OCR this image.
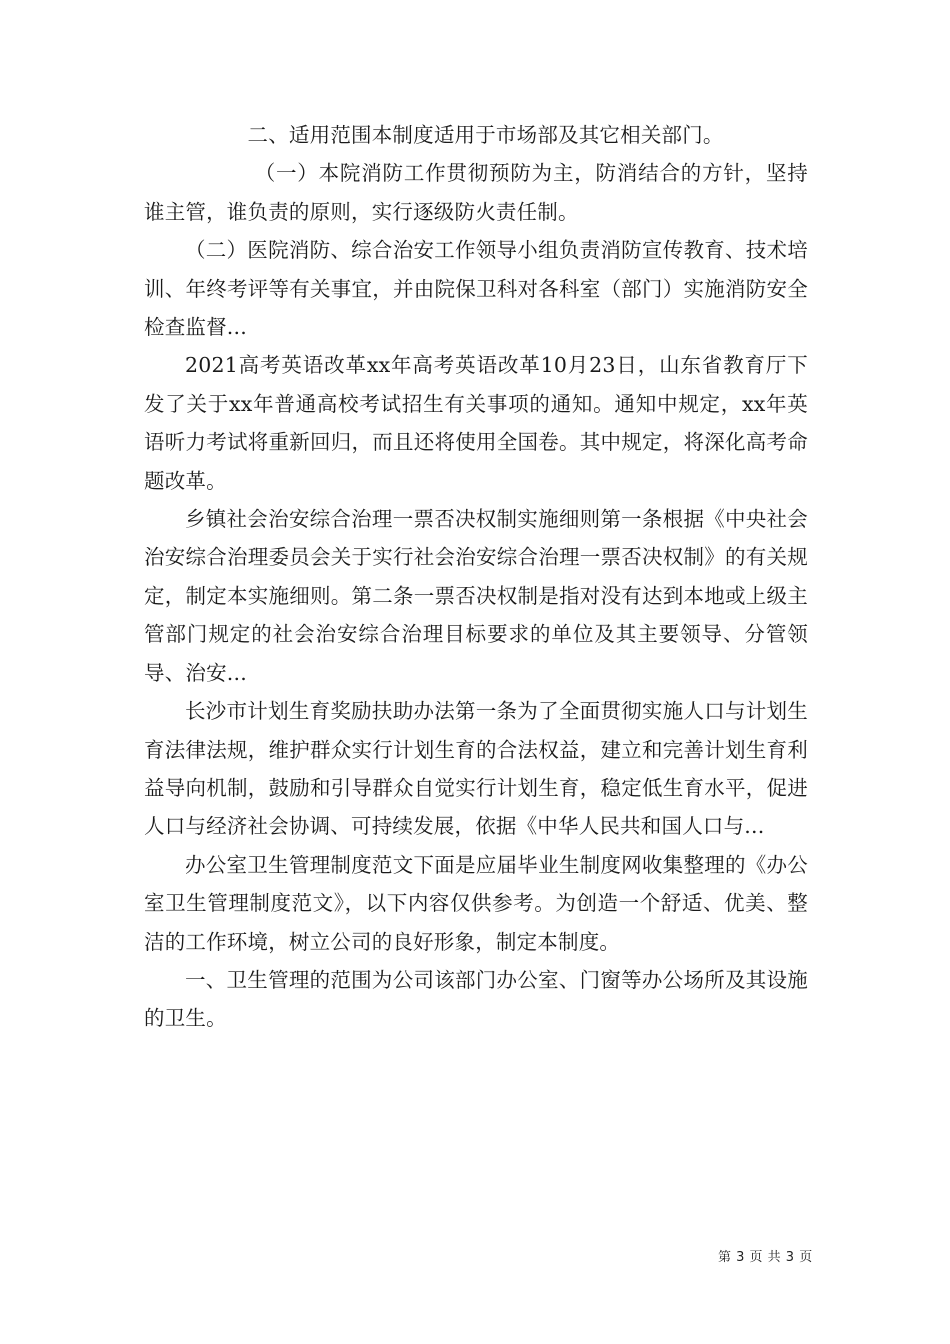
二、适用范围本制度适用于市场部及其它相关部门。

（一）本院消防工作贯彻预防为主，防消结合的方针，坚持谁主管，谁负责的原则，实行逐级防火责任制。

（二）医院消防、综合治安工作领导小组负责消防宣传教育、技术培训、年终考评等有关事宜，并由院保卫科对各科室（部门）实施消防安全检查监督...

2021高考英语改革xx年高考英语改革10月23日，山东省教育厅下发了关于xx年普通高校考试招生有关事项的通知。通知中规定，xx年英语听力考试将重新回归，而且还将使用全国卷。其中规定，将深化高考命题改革。

乡镇社会治安综合治理一票否决权制实施细则第一条根据《中央社会治安综合治理委员会关于实行社会治安综合治理一票否决权制》的有关规定，制定本实施细则。第二条一票否决权制是指对没有达到本地或上级主管部门规定的社会治安综合治理目标要求的单位及其主要领导、分管领导、治安...

长沙市计划生育奖励扶助办法第一条为了全面贯彻实施人口与计划生育法律法规，维护群众实行计划生育的合法权益，建立和完善计划生育利益导向机制，鼓励和引导群众自觉实行计划生育，稳定低生育水平，促进人口与经济社会协调、可持续发展，依据《中华人民共和国人口与...

办公室卫生管理制度范文下面是应届毕业生制度网收集整理的《办公室卫生管理制度范文》，以下内容仅供参考。为创造一个舒适、优美、整洁的工作环境，树立公司的良好形象，制定本制度。

一、卫生管理的范围为公司该部门办公室、门窗等办公场所及其设施的卫生。

第 3 页 共 3 页
